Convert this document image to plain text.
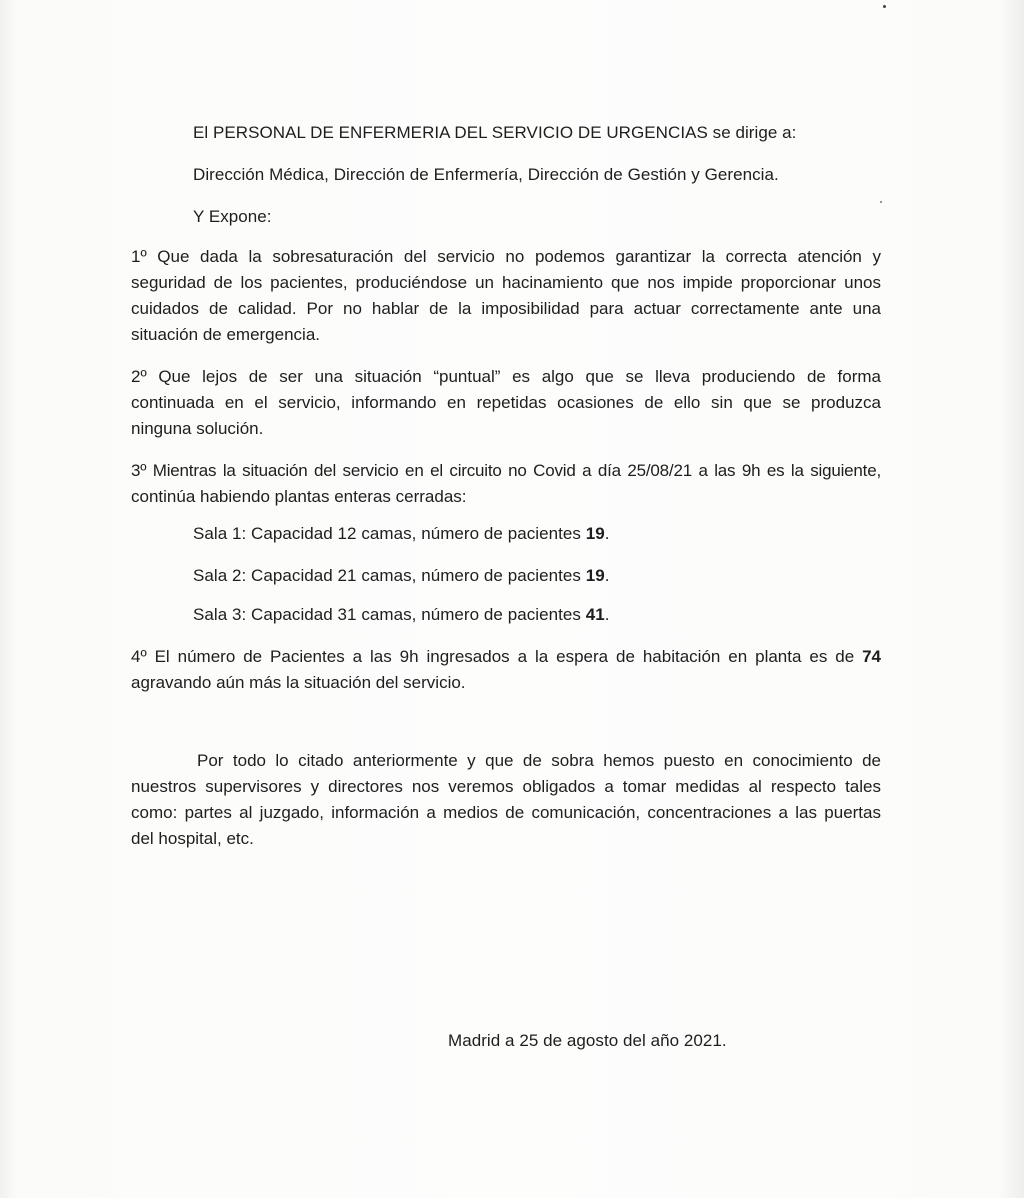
El PERSONAL DE ENFERMERIA DEL SERVICIO DE URGENCIAS se dirige a:
Dirección Médica, Dirección de Enfermería, Dirección de Gestión y Gerencia.
Y Expone:
1º Que dada la sobresaturación del servicio no podemos garantizar la correcta atención y
seguridad de los pacientes, produciéndose un hacinamiento que nos impide proporcionar unos
cuidados de calidad. Por no hablar de la imposibilidad para actuar correctamente ante una
situación de emergencia.
2º Que lejos de ser una situación “puntual” es algo que se lleva produciendo de forma
continuada en el servicio, informando en repetidas ocasiones de ello sin que se produzca
ninguna solución.
3º Mientras la situación del servicio en el circuito no Covid a día 25/08/21 a las 9h es la siguiente,
continúa habiendo plantas enteras cerradas:
Sala 1: Capacidad 12 camas, número de pacientes 19.
Sala 2: Capacidad 21 camas, número de pacientes 19.
Sala 3: Capacidad 31 camas, número de pacientes 41.
4º El número de Pacientes a las 9h ingresados a la espera de habitación en planta es de 74
agravando aún más la situación del servicio.
Por todo lo citado anteriormente y que de sobra hemos puesto en conocimiento de
nuestros supervisores y directores nos veremos obligados a tomar medidas al respecto tales
como: partes al juzgado, información a medios de comunicación, concentraciones a las puertas
del hospital, etc.
Madrid a 25 de agosto del año 2021.
